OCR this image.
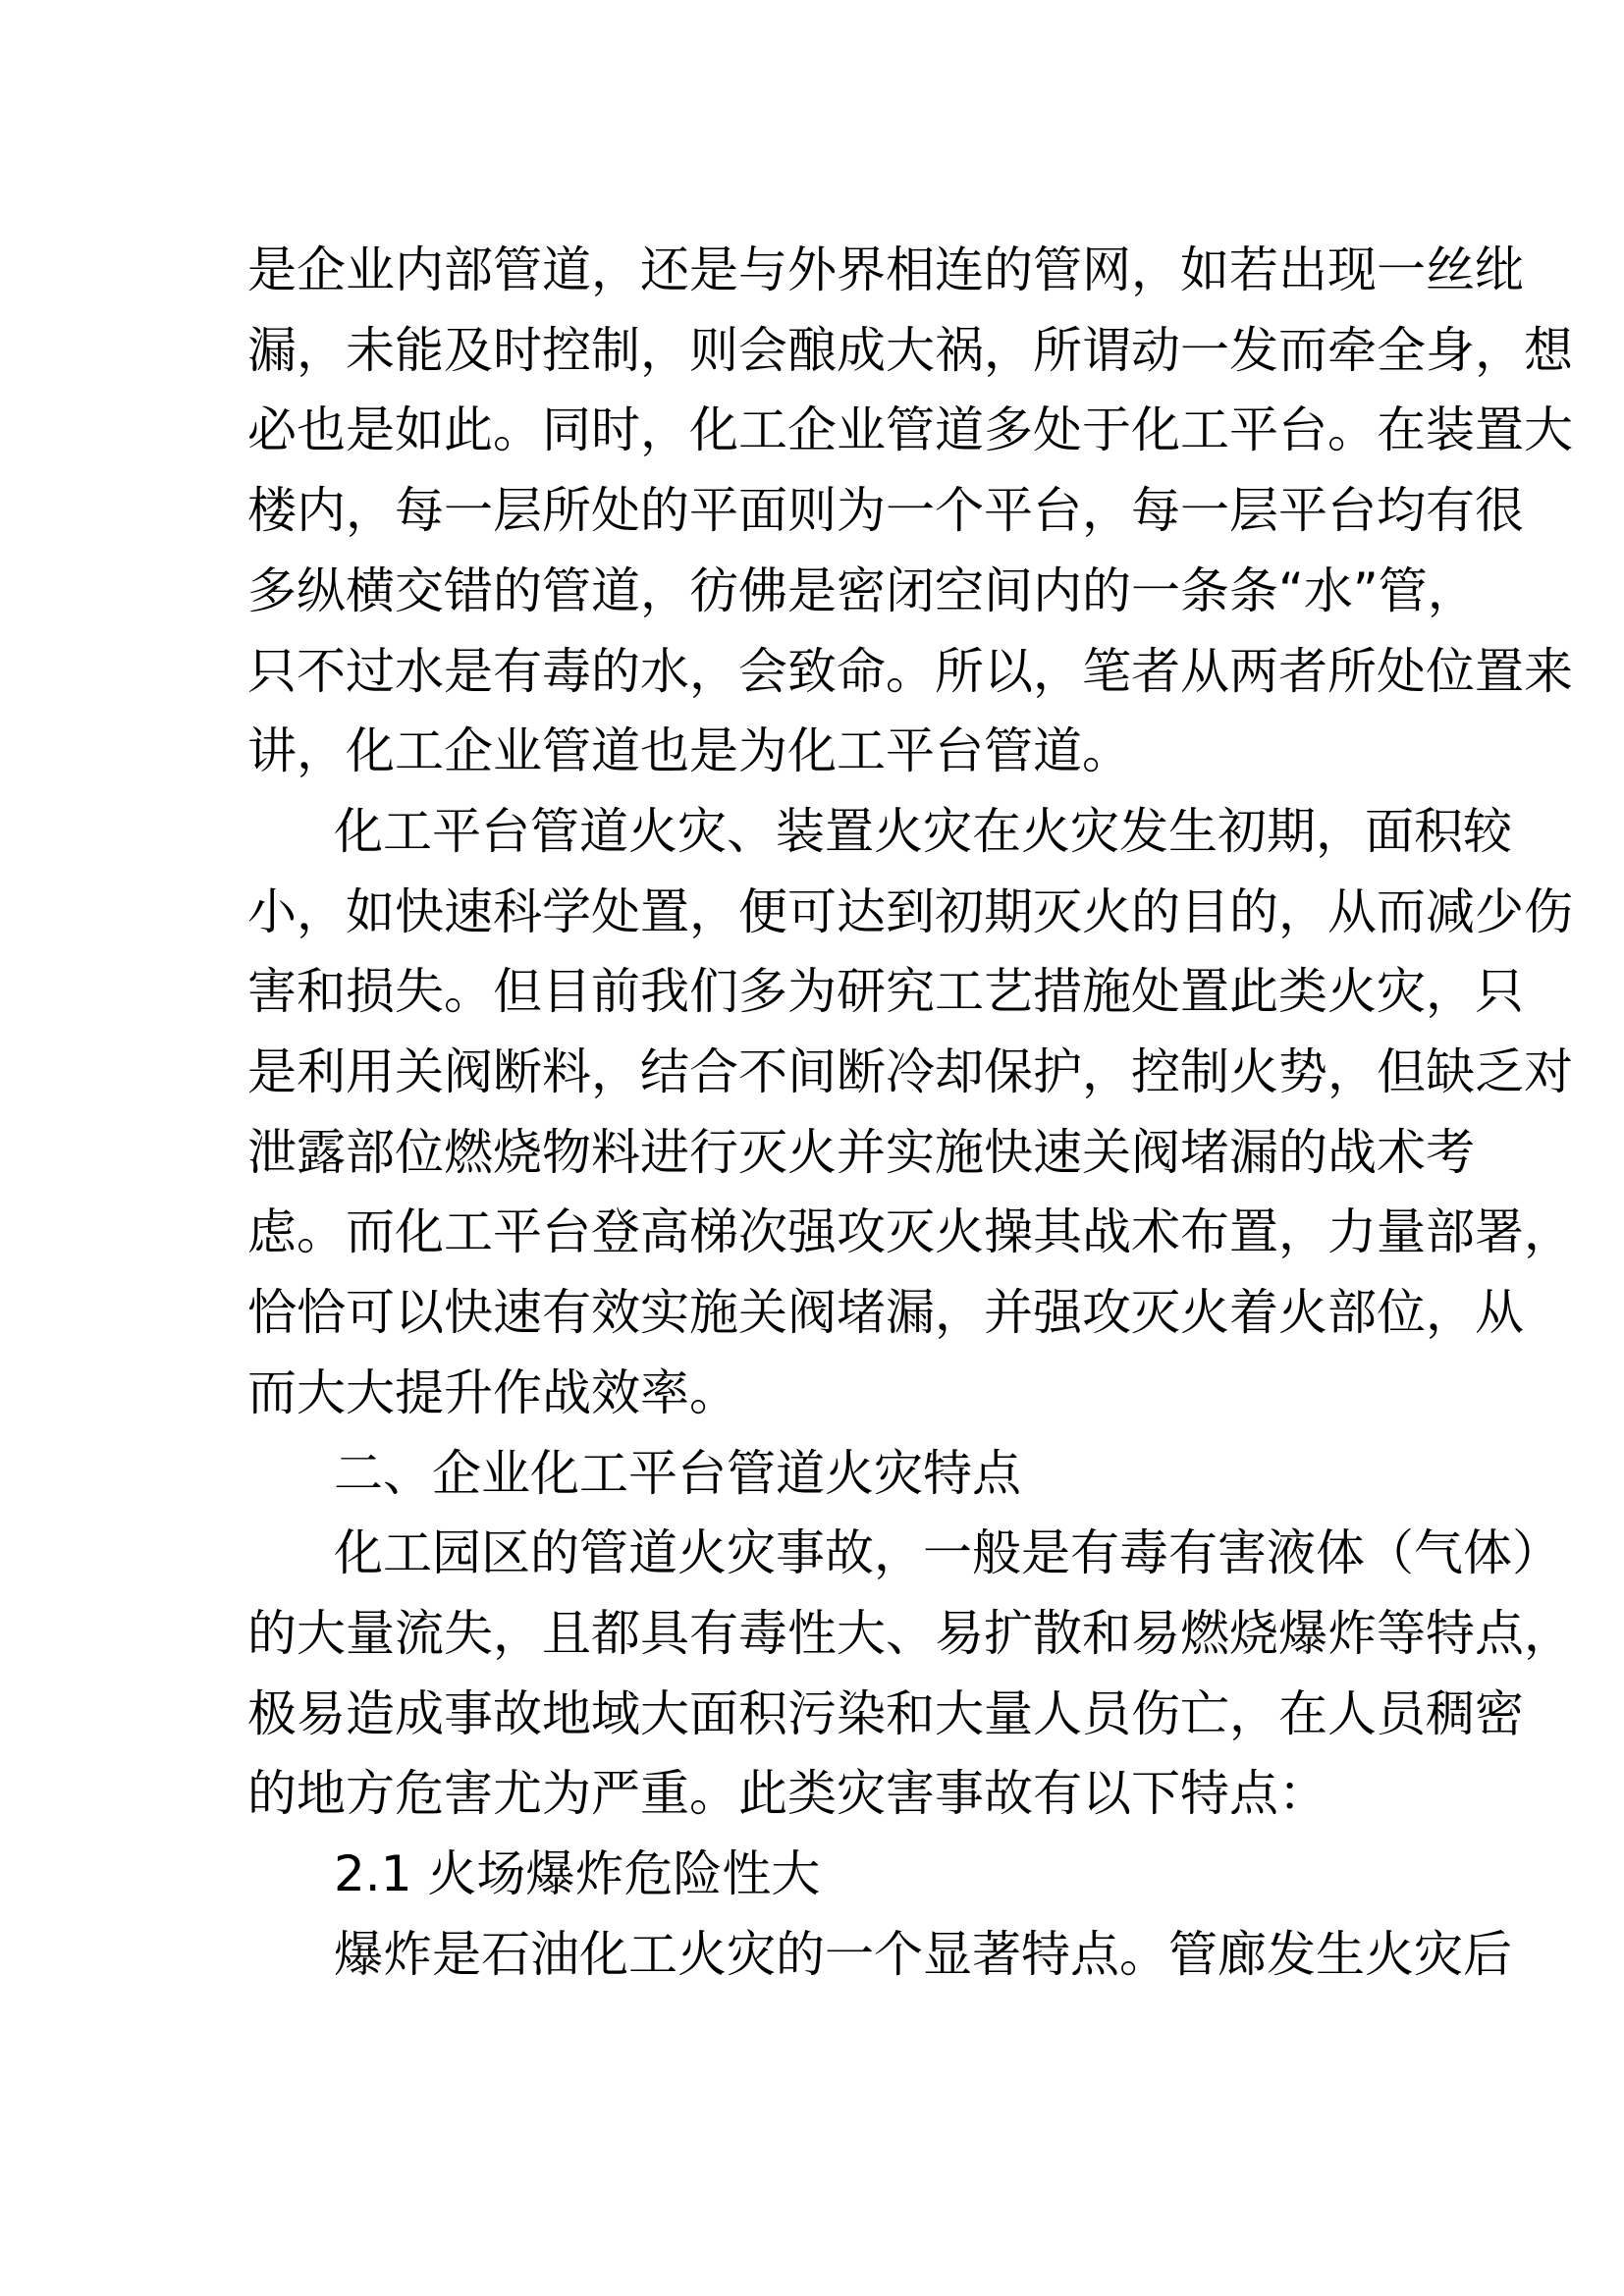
是企业内部管道，还是与外界相连的管网，如若出现一丝纰
漏，未能及时控制，则会酿成大祸，所谓动一发而牵全身，想
必也是如此。同时，化工企业管道多处于化工平台。在装置大
楼内，每一层所处的平面则为一个平台，每一层平台均有很
多纵横交错的管道，彷佛是密闭空间内的一条条“水”管，
只不过水是有毒的水，会致命。所以，笔者从两者所处位置来
讲，化工企业管道也是为化工平台管道。
化工平台管道火灾、装置火灾在火灾发生初期，面积较
小，如快速科学处置，便可达到初期灭火的目的，从而减少伤
害和损失。但目前我们多为研究工艺措施处置此类火灾，只
是利用关阀断料，结合不间断冷却保护，控制火势，但缺乏对
泄露部位燃烧物料进行灭火并实施快速关阀堵漏的战术考
虑。而化工平台登高梯次强攻灭火操其战术布置，力量部署，
恰恰可以快速有效实施关阀堵漏，并强攻灭火着火部位，从
而大大提升作战效率。
二、企业化工平台管道火灾特点
化工园区的管道火灾事故，一般是有毒有害液体（气体）
的大量流失，且都具有毒性大、易扩散和易燃烧爆炸等特点，
极易造成事故地域大面积污染和大量人员伤亡，在人员稠密
的地方危害尤为严重。此类灾害事故有以下特点：
2.1 火场爆炸危险性大
爆炸是石油化工火灾的一个显著特点。管廊发生火灾后
